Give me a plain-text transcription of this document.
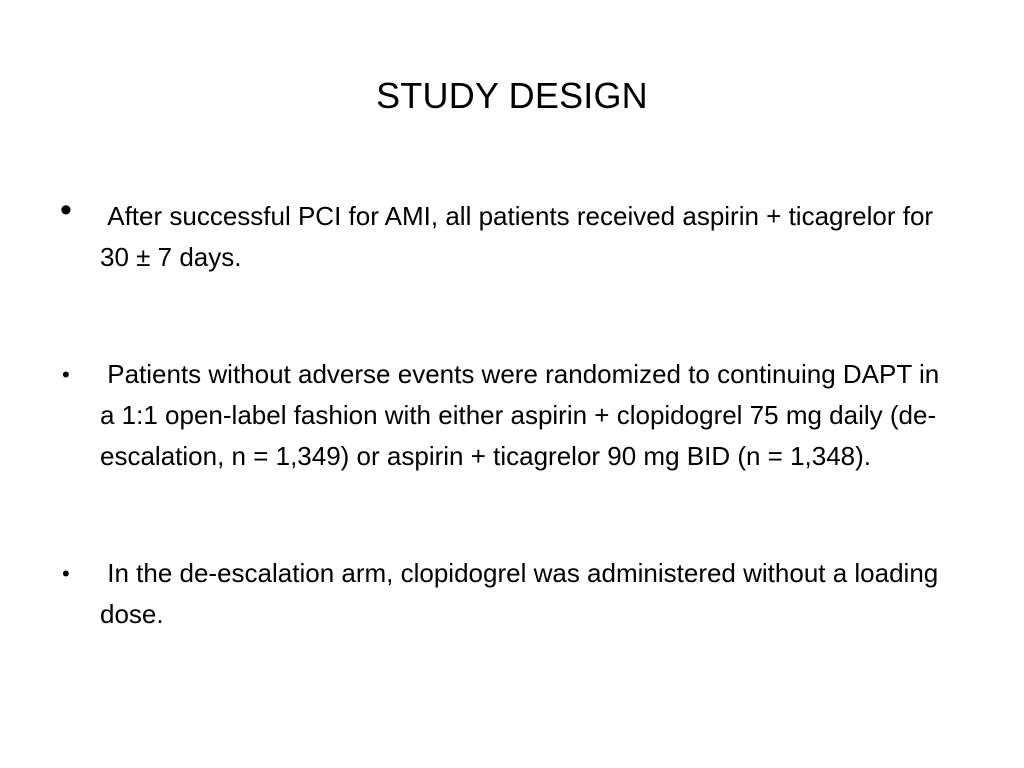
STUDY DESIGN
• After successful PCI for AMI, all patients received aspirin + ticagrelor for 30 ± 7 days.
• Patients without adverse events were randomized to continuing DAPT in a 1:1 open-label fashion with either aspirin + clopidogrel 75 mg daily (de-escalation, n = 1,349) or aspirin + ticagrelor 90 mg BID (n = 1,348).
• In the de-escalation arm, clopidogrel was administered without a loading dose.
